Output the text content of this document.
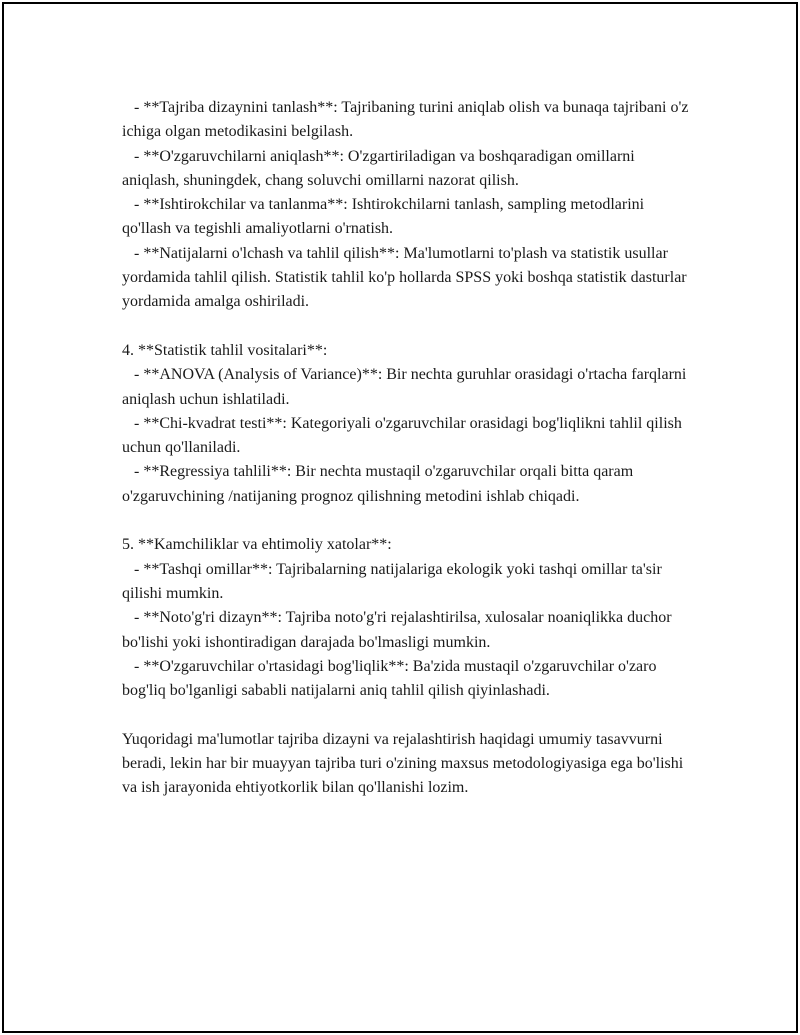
- **Tajriba dizaynini tanlash**: Tajribaning turini aniqlab olish va bunaqa tajribani o'z ichiga olgan metodikasini belgilash.

- **O'zgaruvchilarni aniqlash**: O'zgartiriladigan va boshqaradigan omillarni aniqlash, shuningdek, chang soluvchi omillarni nazorat qilish.

- **Ishtirokchilar va tanlanma**: Ishtirokchilarni tanlash, sampling metodlarini qo'llash va tegishli amaliyotlarni o'rnatish.

- **Natijalarni o'lchash va tahlil qilish**: Ma'lumotlarni to'plash va statistik usullar yordamida tahlil qilish. Statistik tahlil ko'p hollarda SPSS yoki boshqa statistik dasturlar yordamida amalga oshiriladi.

4. **Statistik tahlil vositalari**:

- **ANOVA (Analysis of Variance)**: Bir nechta guruhlar orasidagi o'rtacha farqlarni aniqlash uchun ishlatiladi.

- **Chi-kvadrat testi**: Kategoriyali o'zgaruvchilar orasidagi bog'liqlikni tahlil qilish uchun qo'llaniladi.

- **Regressiya tahlili**: Bir nechta mustaqil o'zgaruvchilar orqali bitta qaram o'zgaruvchining /natijaning prognoz qilishning metodini ishlab chiqadi.

5. **Kamchiliklar va ehtimoliy xatolar**:

- **Tashqi omillar**: Tajribalarning natijalariga ekologik yoki tashqi omillar ta'sir qilishi mumkin.

- **Noto'g'ri dizayn**: Tajriba noto'g'ri rejalashtirilsa, xulosalar noaniqlikka duchor bo'lishi yoki ishontiradigan darajada bo'lmasligi mumkin.

- **O'zgaruvchilar o'rtasidagi bog'liqlik**: Ba'zida mustaqil o'zgaruvchilar o'zaro bog'liq bo'lganligi sababli natijalarni aniq tahlil qilish qiyinlashadi.

Yuqoridagi ma'lumotlar tajriba dizayni va rejalashtirish haqidagi umumiy tasavvurni beradi, lekin har bir muayyan tajriba turi o'zining maxsus metodologiyasiga ega bo'lishi va ish jarayonida ehtiyotkorlik bilan qo'llanishi lozim.
